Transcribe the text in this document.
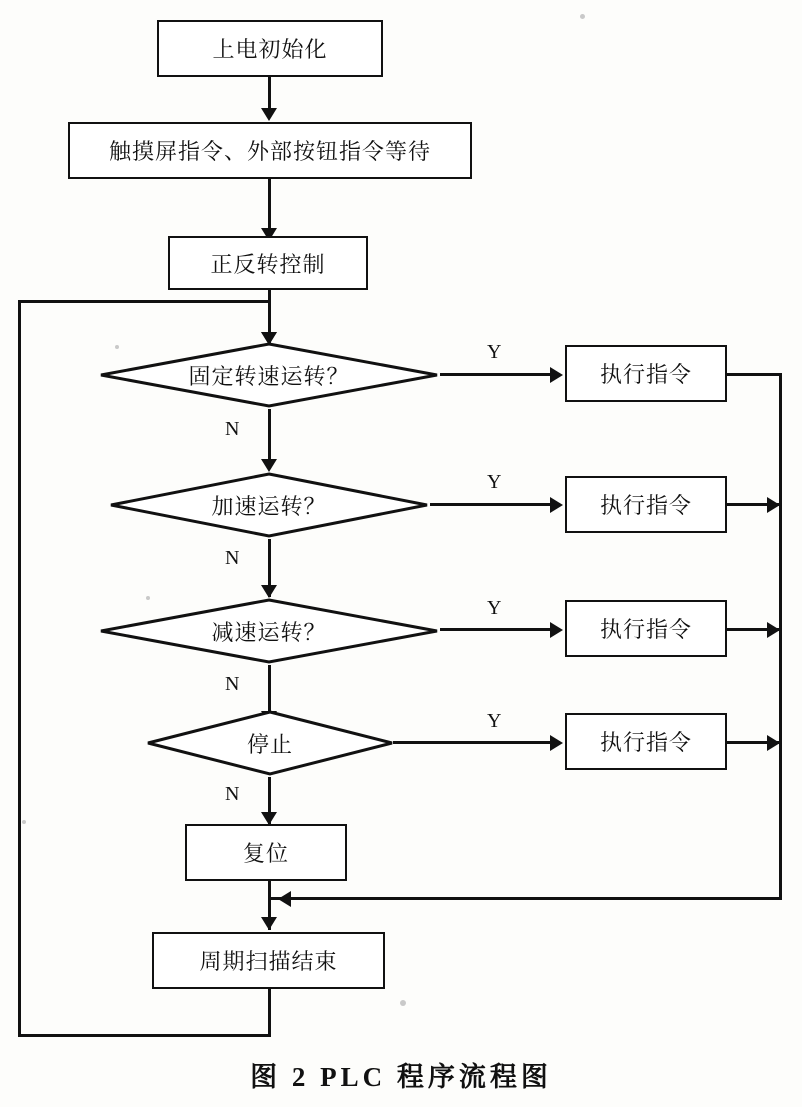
上电初始化
触摸屏指令、外部按钮指令等待
正反转控制
固定转速运转？
Y
执行指令
N
加速运转？
Y
执行指令
N
减速运转？
Y
执行指令
N
停止
Y
执行指令
N
复位
周期扫描结束
图 2 PLC 程序流程图
